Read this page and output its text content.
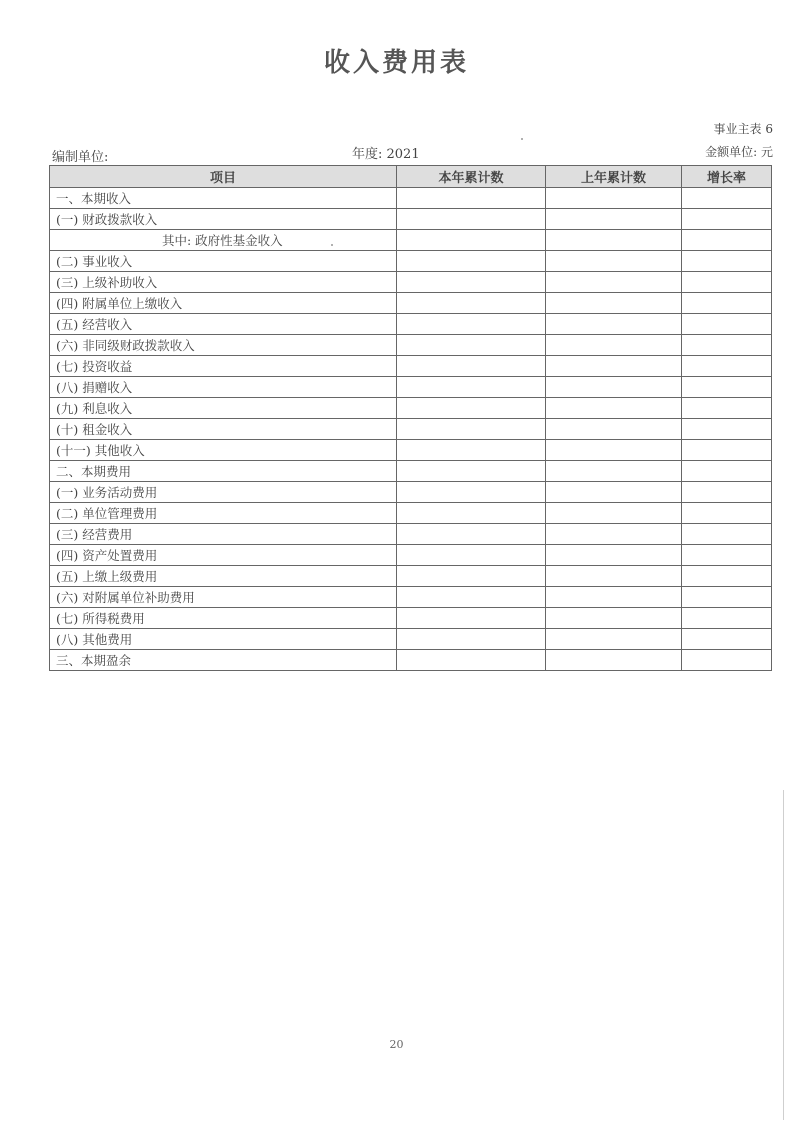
收入费用表
事业主表 6
编制单位:	年度: 2021	金额单位: 元
项目	本年累计数	上年累计数	增长率
一、本期收入			
(一) 财政拨款收入			
其中: 政府性基金收入			
(二) 事业收入			
(三) 上级补助收入			
(四) 附属单位上缴收入			
(五) 经营收入			
(六) 非同级财政拨款收入			
(七) 投资收益			
(八) 捐赠收入			
(九) 利息收入			
(十) 租金收入			
(十一) 其他收入			
二、本期费用			
(一) 业务活动费用			
(二) 单位管理费用			
(三) 经营费用			
(四) 资产处置费用			
(五) 上缴上级费用			
(六) 对附属单位补助费用			
(七) 所得税费用			
(八) 其他费用			
三、本期盈余			
20
